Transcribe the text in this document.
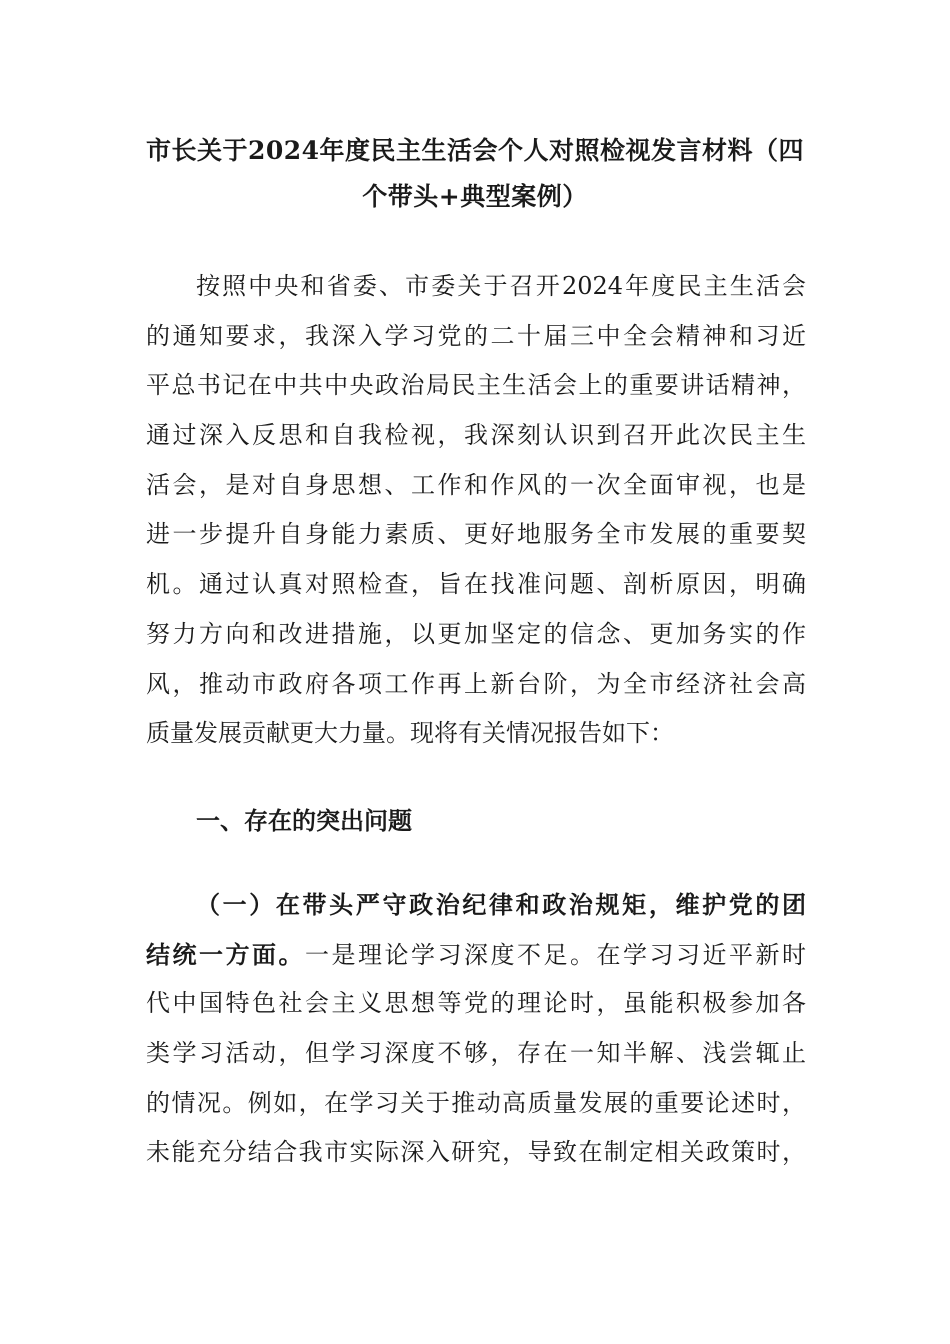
市长关于2024年度民主生活会个人对照检视发言材料（四
个带头+典型案例）
按照中央和省委、市委关于召开2024年度民主生活会
的通知要求，我深入学习党的二十届三中全会精神和习近
平总书记在中共中央政治局民主生活会上的重要讲话精神，
通过深入反思和自我检视，我深刻认识到召开此次民主生
活会，是对自身思想、工作和作风的一次全面审视，也是
进一步提升自身能力素质、更好地服务全市发展的重要契
机。通过认真对照检查，旨在找准问题、剖析原因，明确
努力方向和改进措施，以更加坚定的信念、更加务实的作
风，推动市政府各项工作再上新台阶，为全市经济社会高
质量发展贡献更大力量。现将有关情况报告如下：
一、存在的突出问题
（一）在带头严守政治纪律和政治规矩，维护党的团
结统一方面。一是理论学习深度不足。在学习习近平新时
代中国特色社会主义思想等党的理论时，虽能积极参加各
类学习活动，但学习深度不够，存在一知半解、浅尝辄止
的情况。例如，在学习关于推动高质量发展的重要论述时，
未能充分结合我市实际深入研究，导致在制定相关政策时，
